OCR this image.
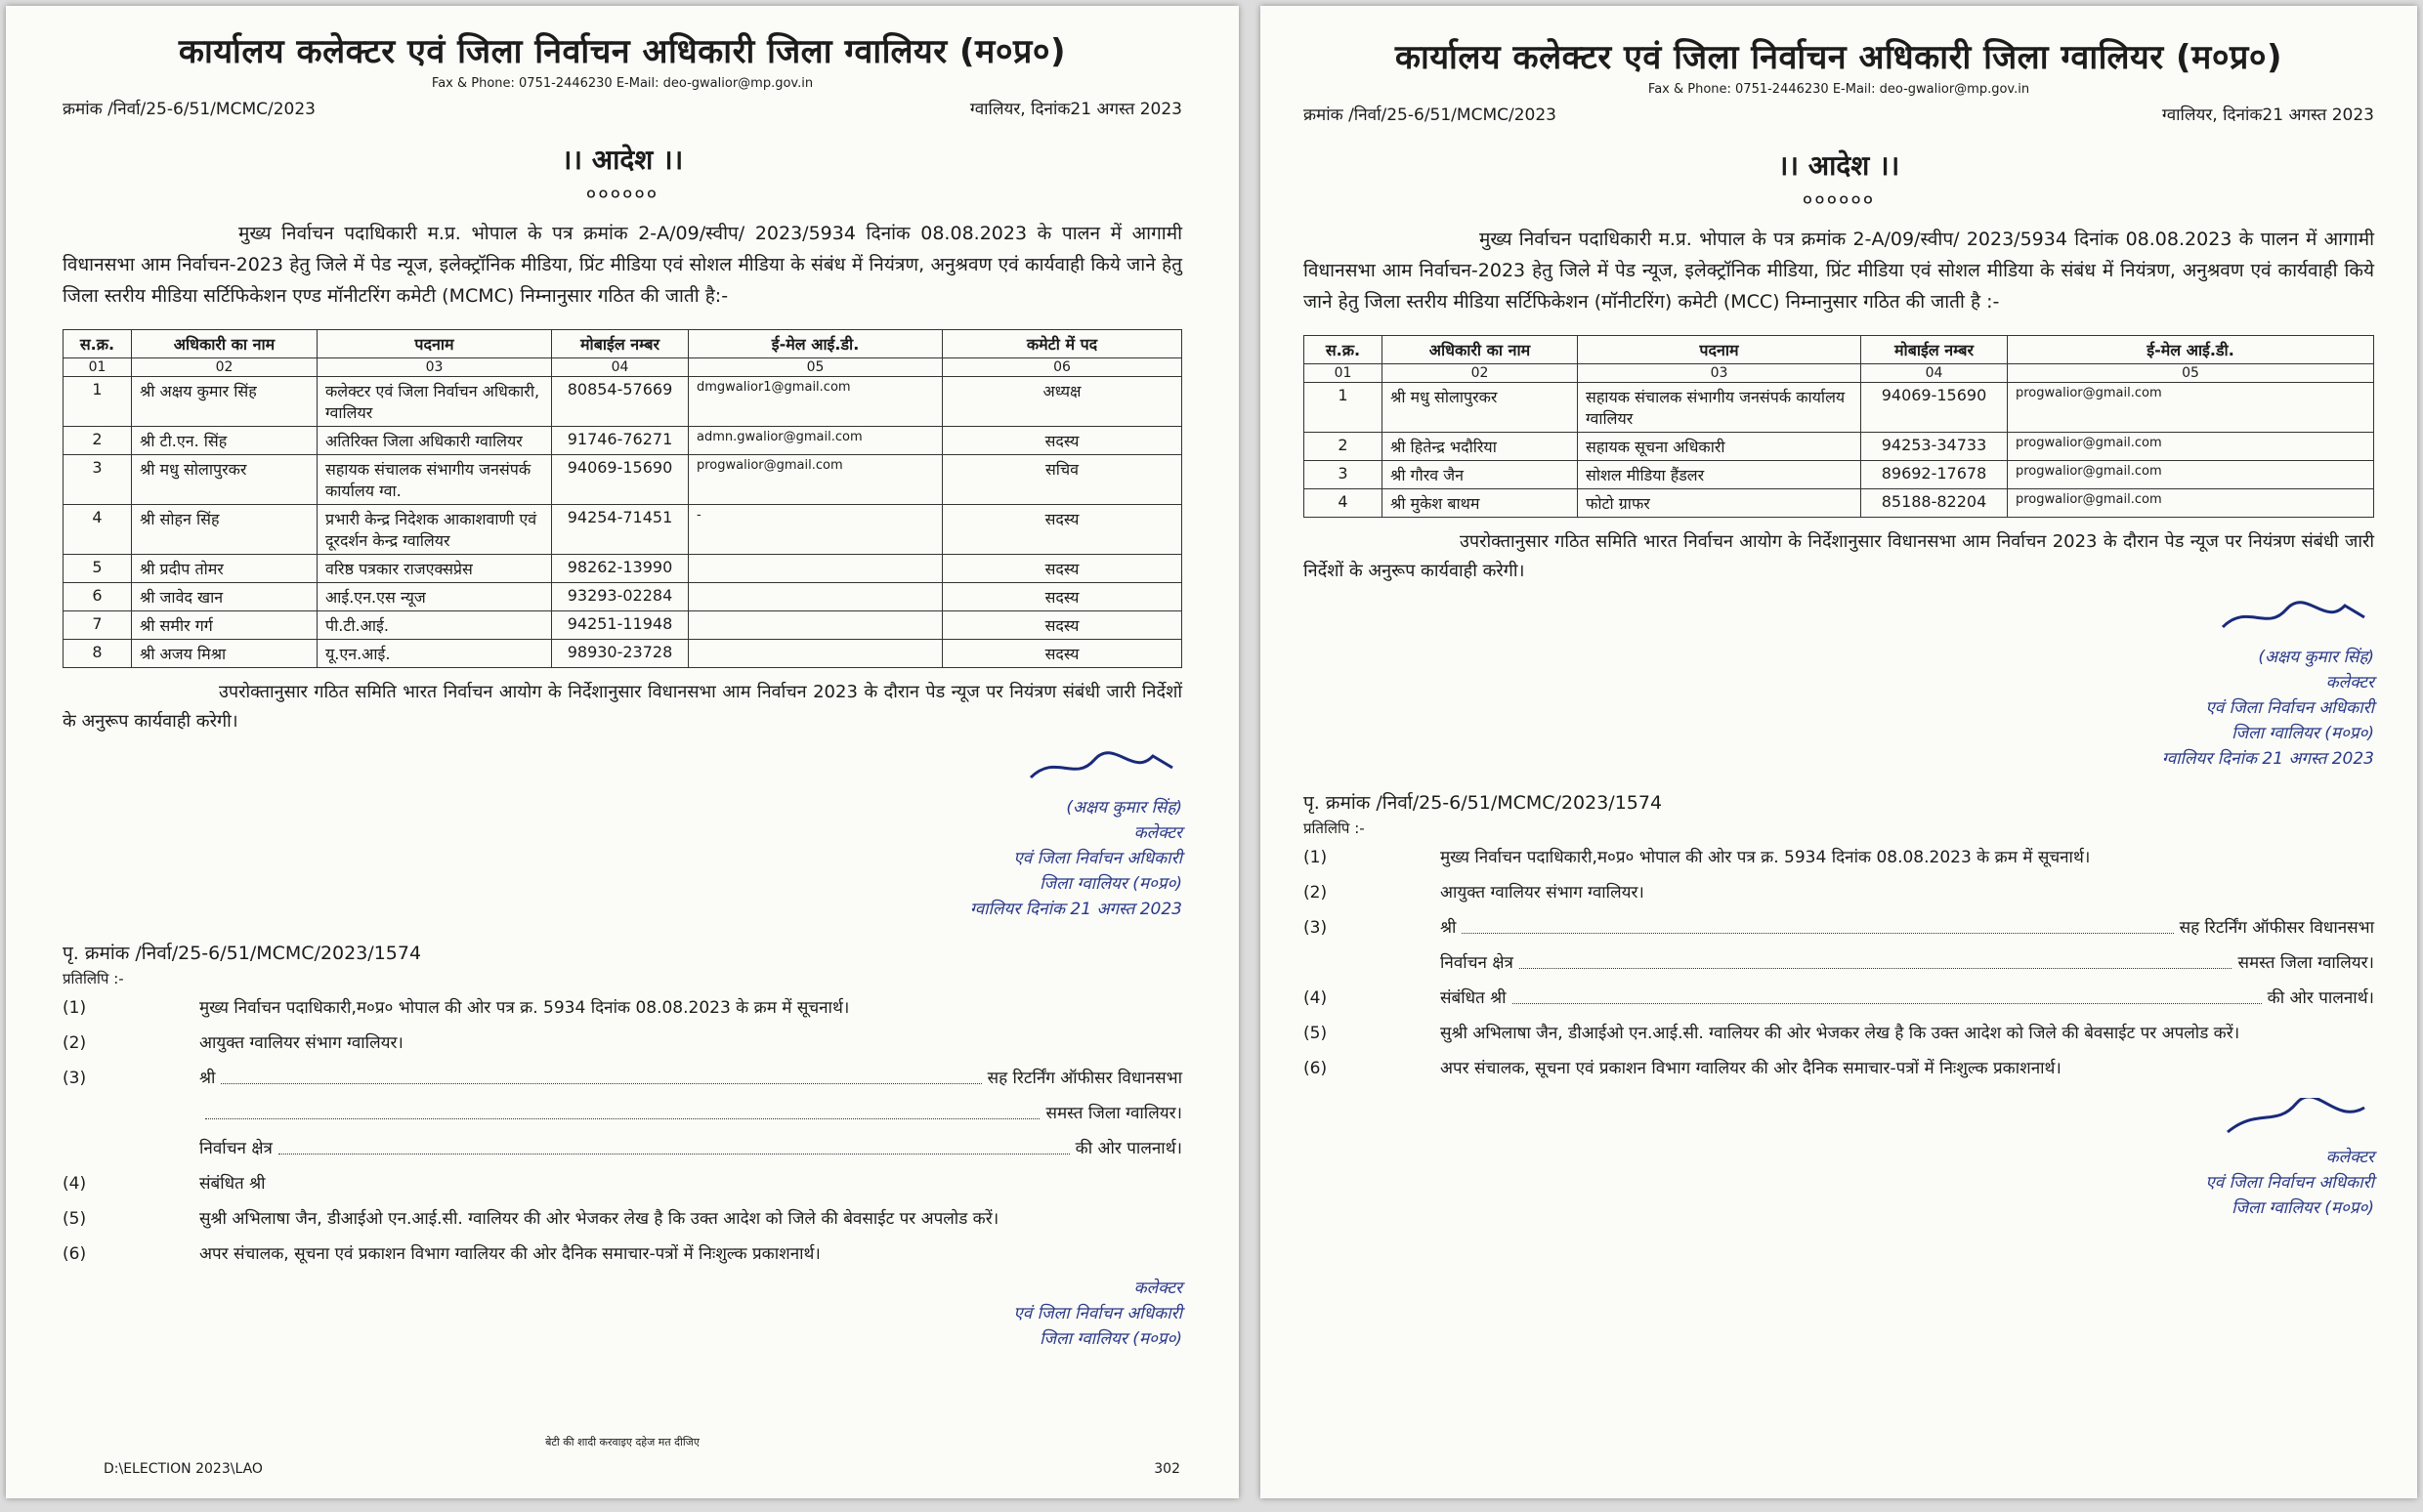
कार्यालय कलेक्टर एवं जिला निर्वाचन अधिकारी जिला ग्वालियर (म०प्र०)
Fax & Phone: 0751-2446230 E-Mail: deo-gwalior@mp.gov.in
क्रमांक /निर्वा/25-6/51/MCMC/2023	ग्वालियर, दिनांक21 अगस्त 2023
।। आदेश ।।
००००००
मुख्य निर्वाचन पदाधिकारी म.प्र. भोपाल के पत्र क्रमांक 2-A/09/स्वीप/ 2023/5934 दिनांक 08.08.2023 के पालन में आगामी विधानसभा आम निर्वाचन-2023 हेतु जिले में पेड न्यूज, इलेक्ट्रॉनिक मीडिया, प्रिंट मीडिया एवं सोशल मीडिया के संबंध में नियंत्रण, अनुश्रवण एवं कार्यवाही किये जाने हेतु जिला स्तरीय मीडिया सर्टिफिकेशन एण्ड मॉनीटरिंग कमेटी (MCMC) निम्नानुसार गठित की जाती है:-
स.क्र.	अधिकारी का नाम	पदनाम	मोबाईल नम्बर	ई-मेल आई.डी.	कमेटी में पद
01	02	03	04	05	06
1	श्री अक्षय कुमार सिंह	कलेक्टर एवं जिला निर्वाचन अधिकारी, ग्वालियर	80854-57669	dmgwalior1@gmail.com	अध्यक्ष
2	श्री टी.एन. सिंह	अतिरिक्त जिला अधिकारी ग्वालियर	91746-76271	admn.gwalior@gmail.com	सदस्य
3	श्री मधु सोलापुरकर	सहायक संचालक संभागीय जनसंपर्क कार्यालय ग्वा.	94069-15690	progwalior@gmail.com	सचिव
4	श्री सोहन सिंह	प्रभारी केन्द्र निदेशक आकाशवाणी एवं दूरदर्शन केन्द्र ग्वालियर	94254-71451	-	सदस्य
5	श्री प्रदीप तोमर	वरिष्ठ पत्रकार राजएक्सप्रेस	98262-13990		सदस्य
6	श्री जावेद खान	आई.एन.एस न्यूज	93293-02284		सदस्य
7	श्री समीर गर्ग	पी.टी.आई.	94251-11948		सदस्य
8	श्री अजय मिश्रा	यू.एन.आई.	98930-23728		सदस्य
उपरोक्तानुसार गठित समिति भारत निर्वाचन आयोग के निर्देशानुसार विधानसभा आम निर्वाचन 2023 के दौरान पेड न्यूज पर नियंत्रण संबंधी जारी निर्देशों के अनुरूप कार्यवाही करेगी।

(अक्षय कुमार सिंह)
कलेक्टर
एवं जिला निर्वाचन अधिकारी
जिला ग्वालियर (म०प्र०)
ग्वालियर दिनांक 21 अगस्त 2023
पृ. क्रमांक /निर्वा/25-6/51/MCMC/2023/1574
प्रतिलिपि :-
(1)	मुख्य निर्वाचन पदाधिकारी,म०प्र० भोपाल की ओर पत्र क्र. 5934 दिनांक 08.08.2023 के क्रम में सूचनार्थ।
(2)	आयुक्त ग्वालियर संभाग ग्वालियर।
(3)	श्री	सह रिटर्निंग ऑफीसर विधानसभा
समस्त जिला ग्वालियर।
निर्वाचन क्षेत्र	की ओर पालनार्थ।
(4)	संबंधित श्री
(5)	सुश्री अभिलाषा जैन, डीआईओ एन.आई.सी. ग्वालियर की ओर भेजकर लेख है कि उक्त आदेश को जिले की बेवसाईट पर अपलोड करें।
(6)	अपर संचालक, सूचना एवं प्रकाशन विभाग ग्वालियर की ओर दैनिक समाचार-पत्रों में निःशुल्क प्रकाशनार्थ।
कलेक्टर
एवं जिला निर्वाचन अधिकारी
जिला ग्वालियर (म०प्र०)
बेटी की शादी करवाइए दहेज मत दीजिए
D:\ELECTION 2023\LAO	302
कार्यालय कलेक्टर एवं जिला निर्वाचन अधिकारी जिला ग्वालियर (म०प्र०)
Fax & Phone: 0751-2446230 E-Mail: deo-gwalior@mp.gov.in
क्रमांक /निर्वा/25-6/51/MCMC/2023	ग्वालियर, दिनांक21 अगस्त 2023
।। आदेश ।।
००००००
मुख्य निर्वाचन पदाधिकारी म.प्र. भोपाल के पत्र क्रमांक 2-A/09/स्वीप/ 2023/5934 दिनांक 08.08.2023 के पालन में आगामी विधानसभा आम निर्वाचन-2023 हेतु जिले में पेड न्यूज, इलेक्ट्रॉनिक मीडिया, प्रिंट मीडिया एवं सोशल मीडिया के संबंध में नियंत्रण, अनुश्रवण एवं कार्यवाही किये जाने हेतु जिला स्तरीय मीडिया सर्टिफिकेशन (मॉनीटरिंग) कमेटी (MCC) निम्नानुसार गठित की जाती है :-
स.क्र.	अधिकारी का नाम	पदनाम	मोबाईल नम्बर	ई-मेल आई.डी.
01	02	03	04	05
1	श्री मधु सोलापुरकर	सहायक संचालक संभागीय जनसंपर्क कार्यालय ग्वालियर	94069-15690	progwalior@gmail.com
2	श्री हितेन्द्र भदौरिया	सहायक सूचना अधिकारी	94253-34733	progwalior@gmail.com
3	श्री गौरव जैन	सोशल मीडिया हैंडलर	89692-17678	progwalior@gmail.com
4	श्री मुकेश बाथम	फोटो ग्राफर	85188-82204	progwalior@gmail.com
उपरोक्तानुसार गठित समिति भारत निर्वाचन आयोग के निर्देशानुसार विधानसभा आम निर्वाचन 2023 के दौरान पेड न्यूज पर नियंत्रण संबंधी जारी निर्देशों के अनुरूप कार्यवाही करेगी।

(अक्षय कुमार सिंह)
कलेक्टर
एवं जिला निर्वाचन अधिकारी
जिला ग्वालियर (म०प्र०)
ग्वालियर दिनांक 21 अगस्त 2023
पृ. क्रमांक /निर्वा/25-6/51/MCMC/2023/1574
प्रतिलिपि :-
(1)	मुख्य निर्वाचन पदाधिकारी,म०प्र० भोपाल की ओर पत्र क्र. 5934 दिनांक 08.08.2023 के क्रम में सूचनार्थ।
(2)	आयुक्त ग्वालियर संभाग ग्वालियर।
(3)	श्री	सह रिटर्निंग ऑफीसर विधानसभा
निर्वाचन क्षेत्र	समस्त जिला ग्वालियर।
(4)	संबंधित श्री	की ओर पालनार्थ।
(5)	सुश्री अभिलाषा जैन, डीआईओ एन.आई.सी. ग्वालियर की ओर भेजकर लेख है कि उक्त आदेश को जिले की बेवसाईट पर अपलोड करें।
(6)	अपर संचालक, सूचना एवं प्रकाशन विभाग ग्वालियर की ओर दैनिक समाचार-पत्रों में निःशुल्क प्रकाशनार्थ।

कलेक्टर
एवं जिला निर्वाचन अधिकारी
जिला ग्वालियर (म०प्र०)
